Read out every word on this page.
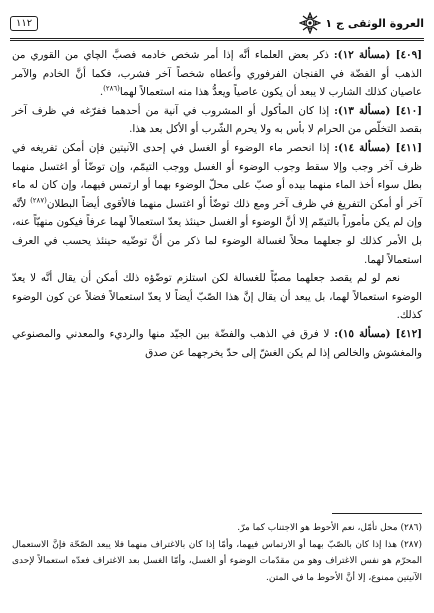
١١٢	العروة الوثقى
ج ١

[٤٠٩] (مسألة ١٢): ذكر بعض العلماء أنَّه إذا أمر شخص خادمه فصبَّ الچاي من القوري من الذهب أو الفضّة في الفنجان الفرفوري وأعطاه شخصاً آخر فشرب، فكما أنَّ الخادم والآمر عاصيان كذلك الشارب لا يبعد أن يكون عاصياً ويعدُّ هذا منه استعمالاً لهما$^{(٢٨٦)}$.

[٤١٠] (مسألة ١٣): إذا كان المأكول أو المشروب في آنية من أحدهما ففرّغه في ظرف آخر بقصد التخلّص من الحرام لا بأس به ولا يحرم الشّرب أو الأكل بعد هذا.

[٤١١] (مسألة ١٤): إذا انحصر ماء الوضوء أو الغسل في إحدى الآنيتين فإن أمكن تفريغه في ظرف آخر وجب وإلا سقط وجوب الوضوء أو الغسل ووجب التيمّم، وإن توضّأ أو اغتسل منهما بطل سواء أخذ الماء منهما بيده أو صبّ على محلّ الوضوء بهما أو ارتمس فيهما، وإن كان له ماء آخر أو أمكن التفريغ في ظرف آخر ومع ذلك توضّأ أو اغتسل منهما فالأقوى أيضاً البطلان$^{(٢٨٧)}$ لأنَّه وإن لم يكن مأموراً بالتيمّم إلا أنَّ الوضوء أو الغسل حينئذ يعدّ استعمالاً لهما عرفاً فيكون منهيّاً عنه، بل الأمر كذلك لو جعلهما محلاً لغسالة الوضوء لما ذكر من أنَّ توضّيه حينئذ يحسب في العرف استعمالاً لهما.

نعم لو لم يقصد جعلهما مصبّاً للغسالة لكن استلزم توضّؤه ذلك أمكن أن يقال أنَّه لا يعدّ الوضوء استعمالاً لهما، بل يبعد أن يقال إنَّ هذا الصّبّ أيضاً لا يعدّ استعمالاً فضلاً عن كون الوضوء كذلك.

[٤١٢] (مسألة ١٥): لا فرق في الذهب والفضّة بين الجيّد منها والرديء والمعدني والمصنوعي والمغشوش والخالص إذا لم يكن الغشّ إلى حدّ يخرجهما عن صدق

(٢٨٦) محل تأمّل، نعم الأحوط هو الاجتناب كما مرّ.

(٢٨٧) هذا إذا كان بالصّبّ بهما أو الارتماس فيهما، وأمّا إذا كان بالاغتراف منهما فلا يبعد الصّحّة فإنَّ الاستعمال المحرّم هو نفس الاغتراف وهو من مقدّمات الوضوء أو الغسل، وأمّا الغسل بعد الاغتراف فعدّه استعمالاً لإحدى الآنيتين ممنوع، إلا أنَّ الأحوط ما في المتن.
